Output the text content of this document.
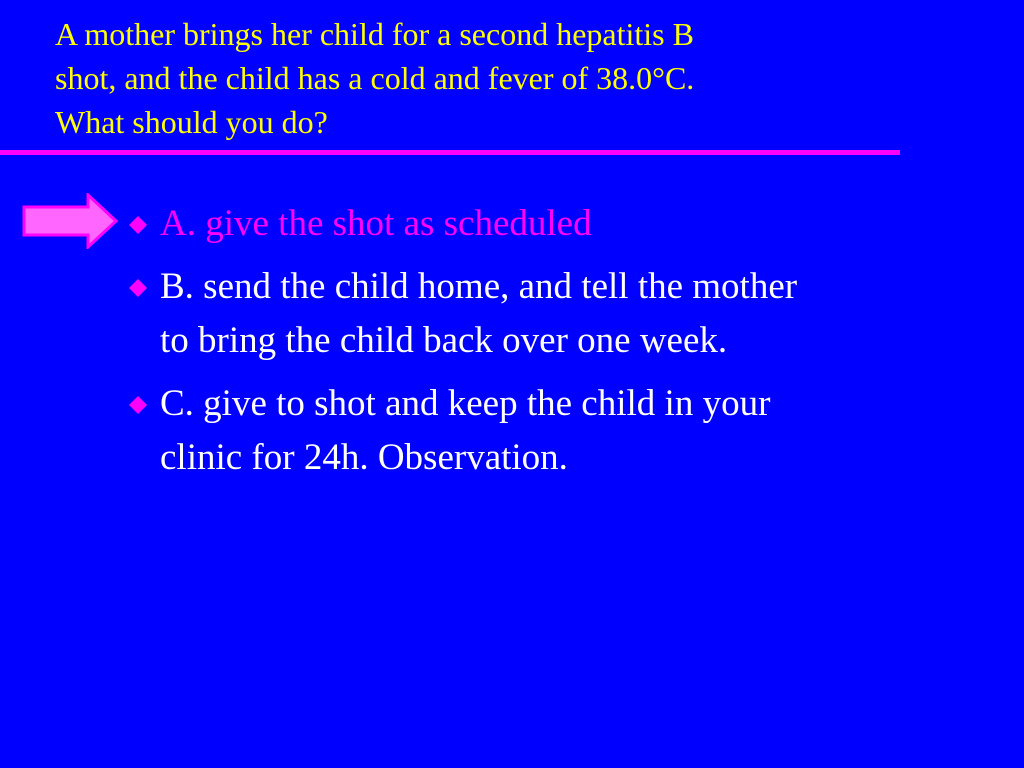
A mother brings her child for a second hepatitis B
shot, and the child has a cold and fever of 38.0°C.
What should you do?
A. give the shot as scheduled
B. send the child home, and tell the mother
to bring the child back over one week.
C. give to shot and keep the child in your
clinic for 24h. Observation.
